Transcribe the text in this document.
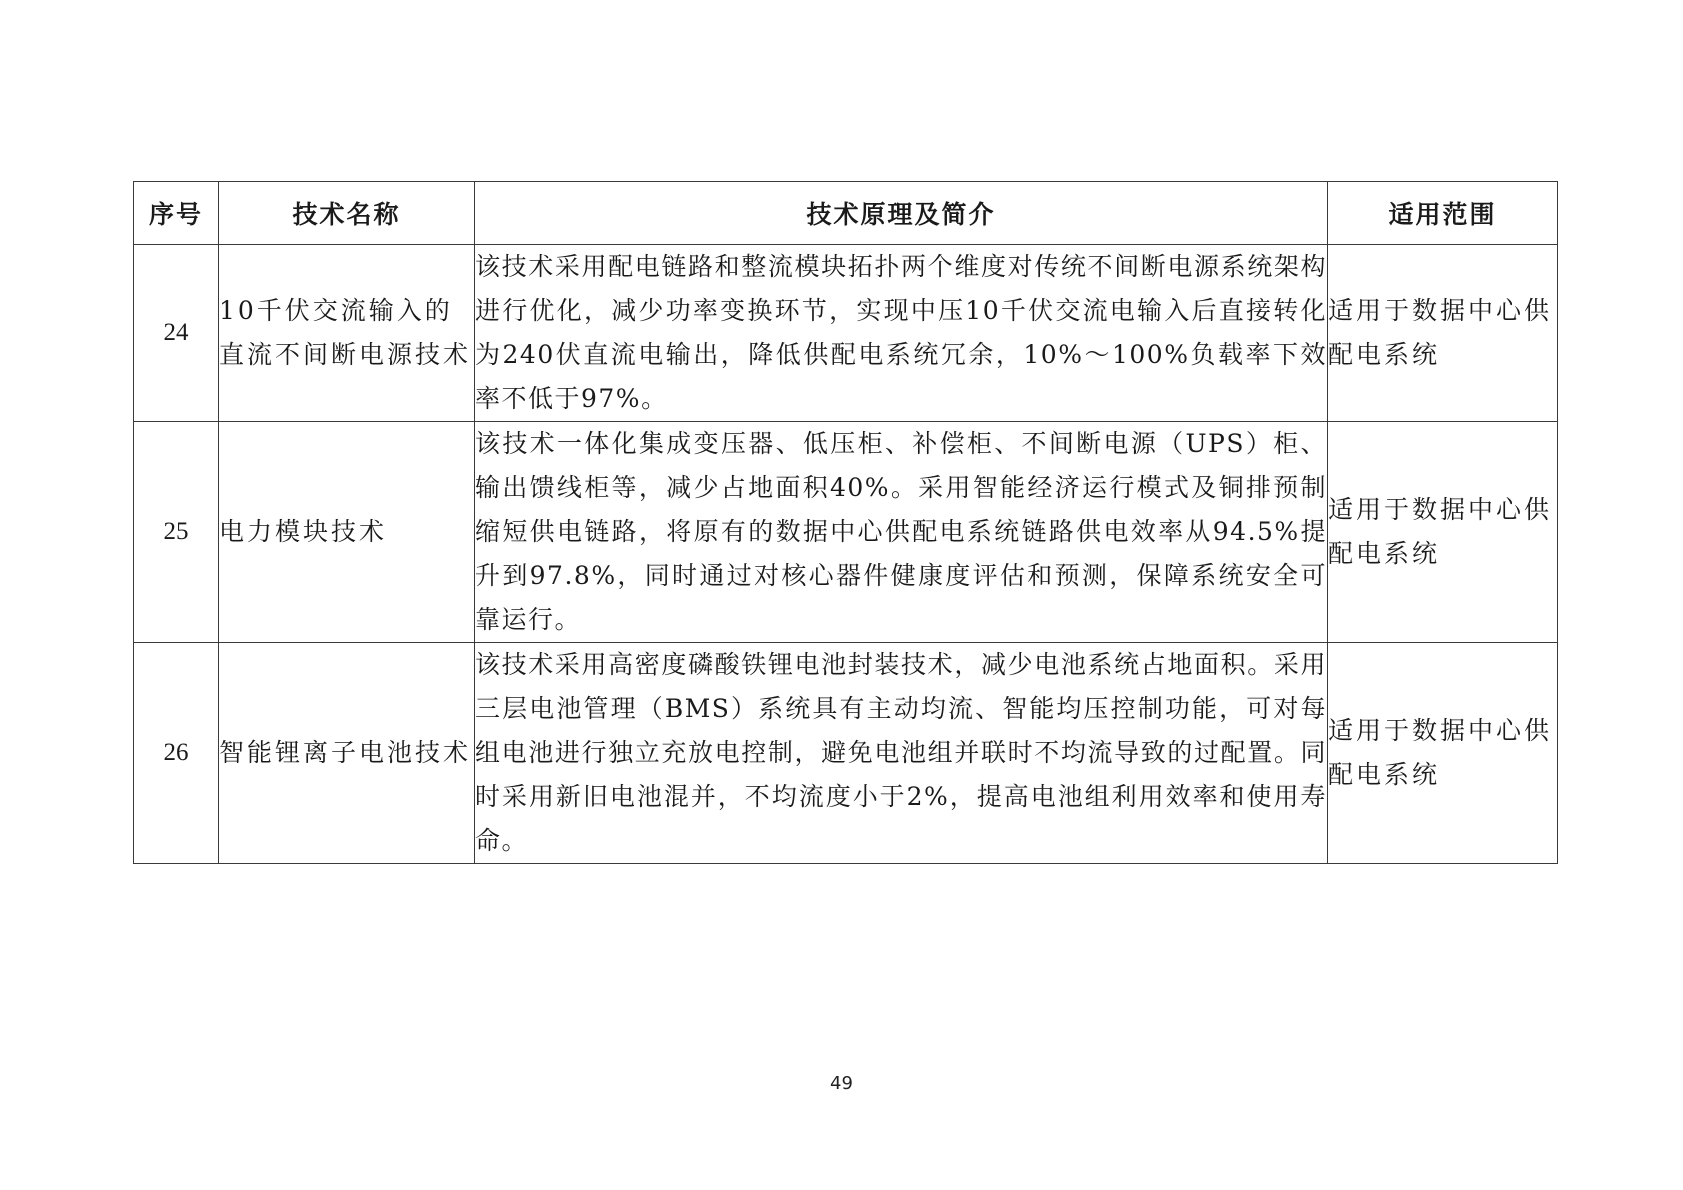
序号	技术名称	技术原理及简介	适用范围
24	10千伏交流输入的直流不间断电源技术	该技术采用配电链路和整流模块拓扑两个维度对传统不间断电源系统架构进行优化，减少功率变换环节，实现中压10千伏交流电输入后直接转化为240伏直流电输出，降低供配电系统冗余，10%～100%负载率下效率不低于97%。	适用于数据中心供配电系统
25	电力模块技术	该技术一体化集成变压器、低压柜、补偿柜、不间断电源（UPS）柜、输出馈线柜等，减少占地面积40%。采用智能经济运行模式及铜排预制缩短供电链路，将原有的数据中心供配电系统链路供电效率从94.5%提升到97.8%，同时通过对核心器件健康度评估和预测，保障系统安全可靠运行。	适用于数据中心供配电系统
26	智能锂离子电池技术	该技术采用高密度磷酸铁锂电池封装技术，减少电池系统占地面积。采用三层电池管理（BMS）系统具有主动均流、智能均压控制功能，可对每组电池进行独立充放电控制，避免电池组并联时不均流导致的过配置。同时采用新旧电池混并，不均流度小于2%，提高电池组利用效率和使用寿命。	适用于数据中心供配电系统
49
